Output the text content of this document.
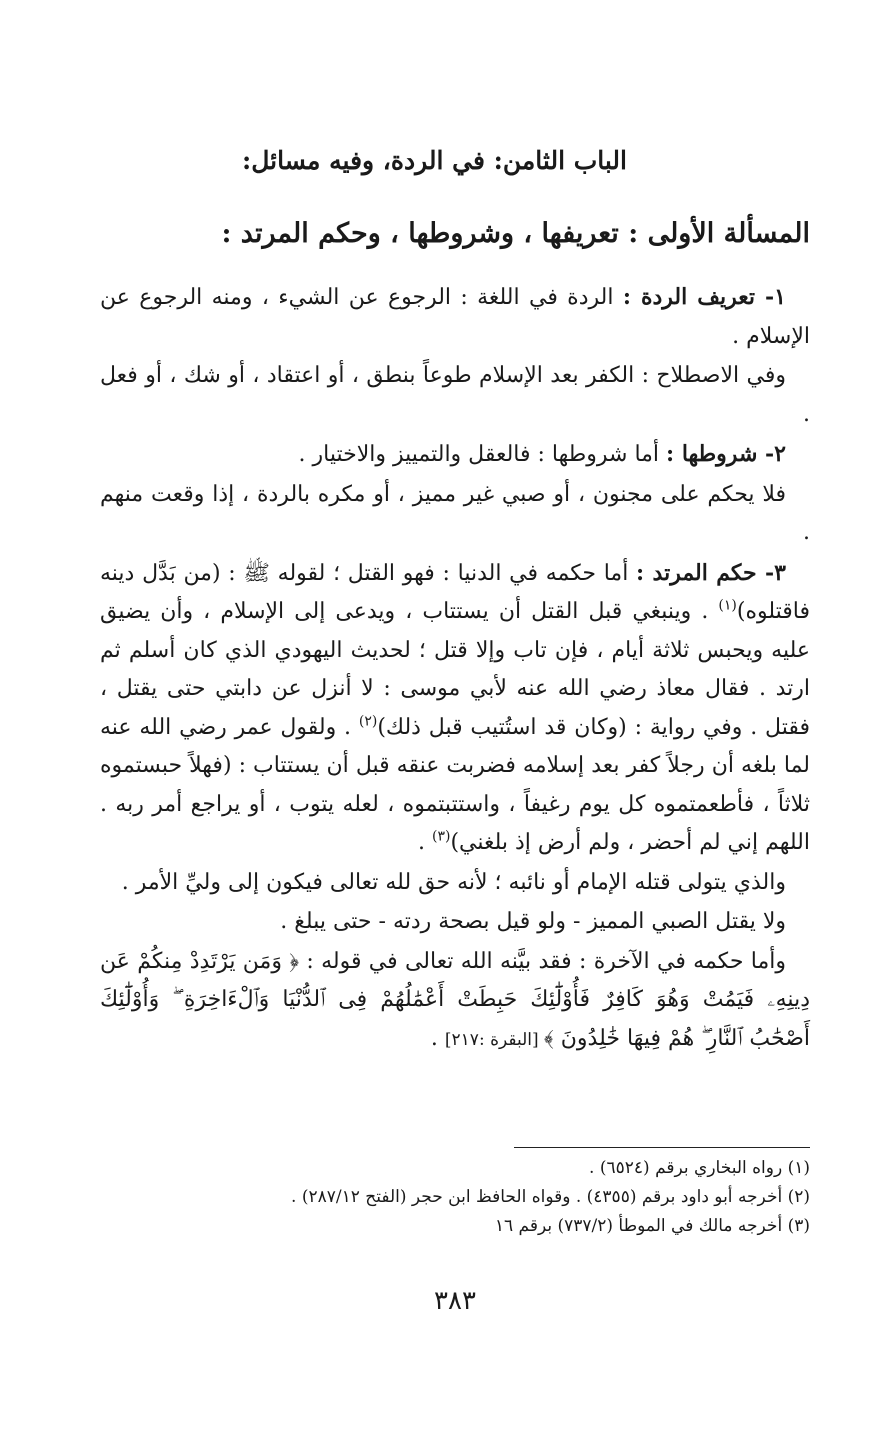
الباب الثامن: في الردة، وفيه مسائل:
المسألة الأولى : تعريفها ، وشروطها ، وحكم المرتد :

١- تعريف الردة : الردة في اللغة : الرجوع عن الشيء ، ومنه الرجوع عن الإسلام .

وفي الاصطلاح : الكفر بعد الإسلام طوعاً بنطق ، أو اعتقاد ، أو شك ، أو فعل .

٢- شروطها : أما شروطها : فالعقل والتمييز والاختيار .

فلا يحكم على مجنون ، أو صبي غير مميز ، أو مكره بالردة ، إذا وقعت منهم .

٣- حكم المرتد : أما حكمه في الدنيا : فهو القتل ؛ لقوله ﷺ : (من بَدَّل دينه فاقتلوه)$^{(١)}$ . وينبغي قبل القتل أن يستتاب ، ويدعى إلى الإسلام ، وأن يضيق عليه ويحبس ثلاثة أيام ، فإن تاب وإلا قتل ؛ لحديث اليهودي الذي كان أسلم ثم ارتد . فقال معاذ رضي الله عنه لأبي موسى : لا أنزل عن دابتي حتى يقتل ، فقتل . وفي رواية : (وكان قد استُتيب قبل ذلك)$^{(٢)}$ . ولقول عمر رضي الله عنه لما بلغه أن رجلاً كفر بعد إسلامه فضربت عنقه قبل أن يستتاب : (فهلاً حبستموه ثلاثاً ، فأطعمتموه كل يوم رغيفاً ، واستتبتموه ، لعله يتوب ، أو يراجع أمر ربه . اللهم إني لم أحضر ، ولم أرض إذ بلغني)$^{(٣)}$ .

والذي يتولى قتله الإمام أو نائبه ؛ لأنه حق لله تعالى فيكون إلى وليِّ الأمر .

ولا يقتل الصبي المميز - ولو قيل بصحة ردته - حتى يبلغ .

وأما حكمه في الآخرة : فقد بيَّنه الله تعالى في قوله : ﴿ وَمَن يَرْتَدِدْ مِنكُمْ عَن دِينِهِۦ فَيَمُتْ وَهُوَ كَافِرٌ فَأُوْلَٰٓئِكَ حَبِطَتْ أَعْمَٰلُهُمْ فِى ٱلدُّنْيَا وَٱلْءَاخِرَةِ ۖ وَأُوْلَٰٓئِكَ أَصْحَٰبُ ٱلنَّارِ ۖ هُمْ فِيهَا خَٰلِدُونَ ﴾ [البقرة :٢١٧] .

(١) رواه البخاري برقم (٦٥٢٤) .

(٢) أخرجه أبو داود برقم (٤٣٥٥) . وقواه الحافظ ابن حجر (الفتح ٢٨٧/١٢) .

(٣) أخرجه مالك في الموطأ (٧٣٧/٢) برقم ١٦

٣٨٣
